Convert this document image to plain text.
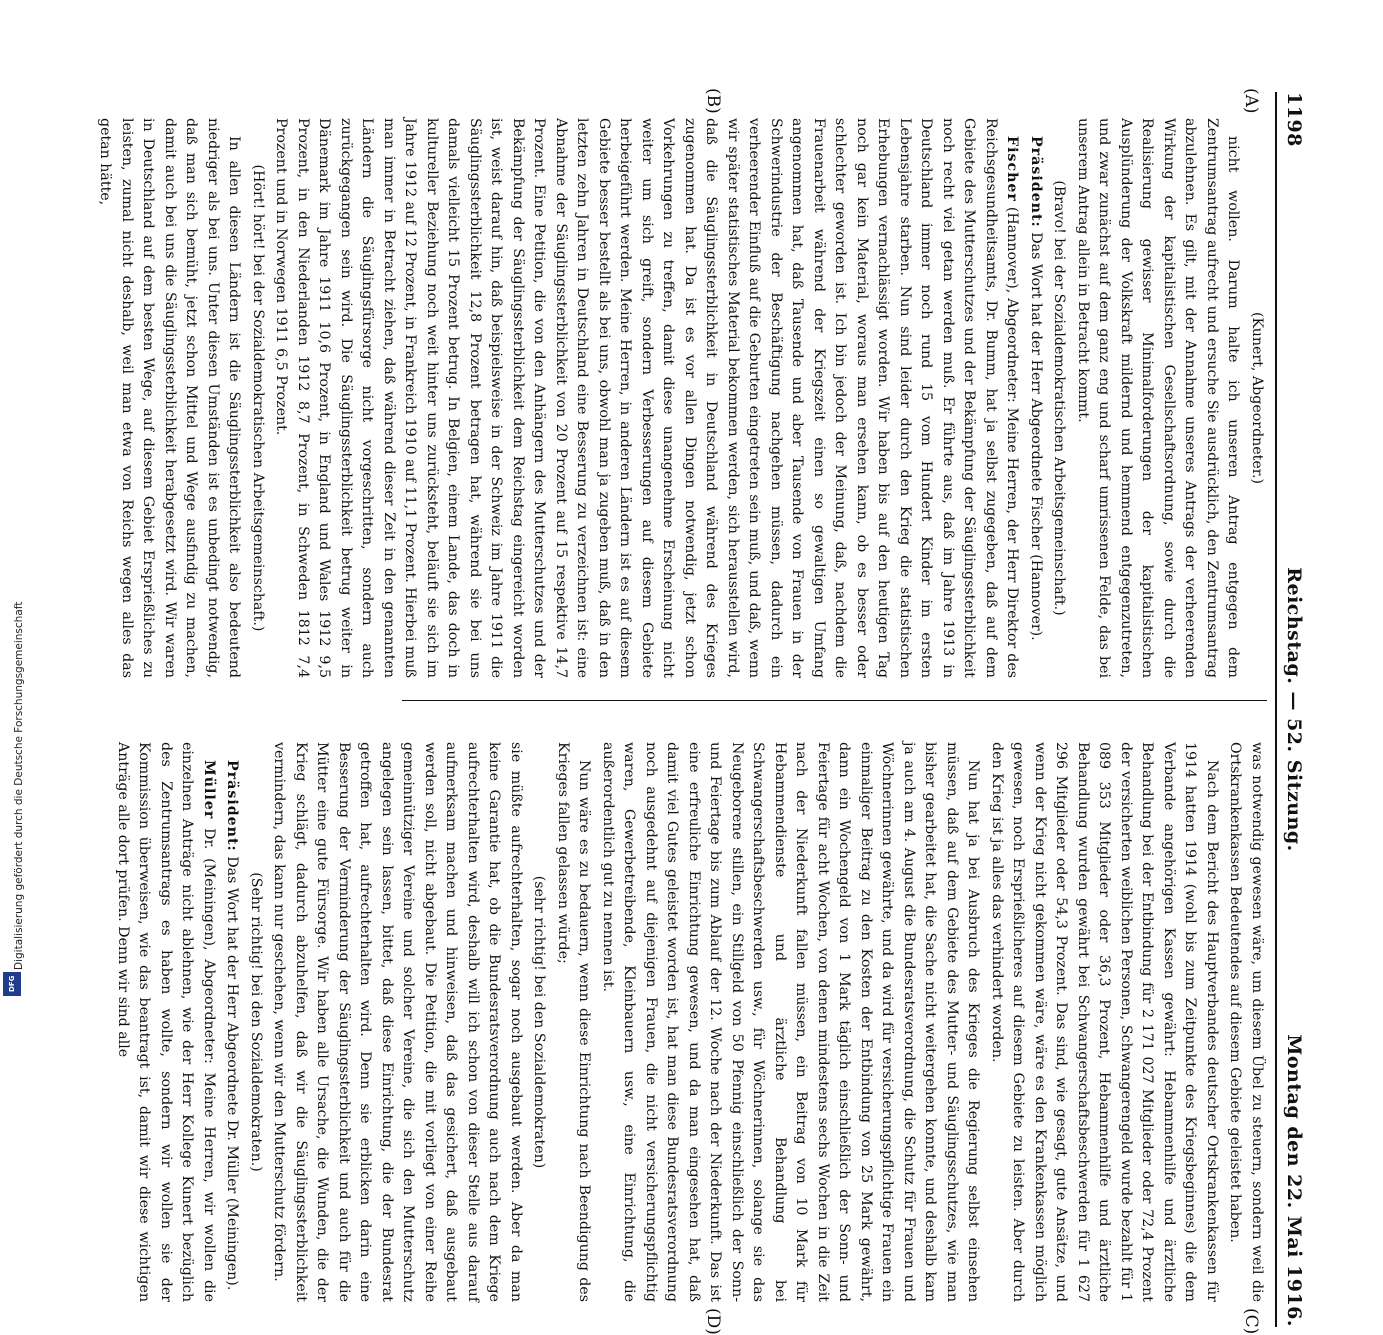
1198
Reichstag. — 52. Sitzung.
Montag den 22. Mai 1916.
(A)
(B)
(C)
(D)

(Kunert, Abgeordneter.)

nicht wollen. Darum halte ich unseren Antrag entgegen dem Zentrumsantrag aufrecht und ersuche Sie ausdrücklich, den Zentrumsantrag abzulehnen. Es gilt, mit der Annahme unseres Antrags der verheerenden Wirkung der kapitalistischen Gesellschaftsordnung, sowie durch die Realisierung gewisser Minimalforderungen der kapitalistischen Ausplünderung der Volkskraft mildernd und hemmend entgegenzutreten, und zwar zunächst auf dem ganz eng und scharf umrissenen Felde, das bei unserem Antrag allein in Betracht kommt.

(Bravo! bei der Sozialdemokratischen Arbeitsgemeinschaft.)

Präsident: Das Wort hat der Herr Abgeordnete Fischer (Hannover).

Fischer (Hannover), Abgeordneter: Meine Herren, der Herr Direktor des Reichsgesundheitsamts, Dr. Bumm, hat ja selbst zugegeben, daß auf dem Gebiete des Mutterschutzes und der Bekämpfung der Säuglingssterblichkeit noch recht viel getan werden muß. Er führte aus, daß im Jahre 1913 in Deutschland immer noch rund 15 vom Hundert Kinder im ersten Lebensjahre starben. Nun sind leider durch den Krieg die statistischen Erhebungen vernachlässigt worden. Wir haben bis auf den heutigen Tag noch gar kein Material, woraus man ersehen kann, ob es besser oder schlechter geworden ist. Ich bin jedoch der Meinung, daß, nachdem die Frauenarbeit während der Kriegszeit einen so gewaltigen Umfang angenommen hat, daß Tausende und aber Tausende von Frauen in der Schwerindustrie der Beschäftigung nachgehen müssen, dadurch ein verheerender Einfluß auf die Geburten eingetreten sein muß, und daß, wenn wir später statistisches Material bekommen werden, sich herausstellen wird, daß die Säuglingssterblichkeit in Deutschland während des Krieges zugenommen hat. Da ist es vor allen Dingen notwendig, jetzt schon Vorkehrungen zu treffen, damit diese unangenehme Erscheinung nicht weiter um sich greift, sondern Verbesserungen auf diesem Gebiete herbeigeführt werden. Meine Herren, in anderen Ländern ist es auf diesem Gebiete besser bestellt als bei uns, obwohl man ja zugeben muß, daß in den letzten zehn Jahren in Deutschland eine Besserung zu verzeichnen ist: eine Abnahme der Säuglingssterblichkeit von 20 Prozent auf 15 respektive 14,7 Prozent. Eine Petition, die von den Anhängern des Mutterschutzes und der Bekämpfung der Säuglingssterblichkeit dem Reichstag eingereicht worden ist, weist darauf hin, daß beispielsweise in der Schweiz im Jahre 1911 die Säuglingssterblichkeit 12,8 Prozent betragen hat, während sie bei uns damals vielleicht 15 Prozent betrug. In Belgien, einem Lande, das doch in kultureller Beziehung noch weit hinter uns zurücksteht, beläuft sie sich im Jahre 1912 auf 12 Prozent, in Frankreich 1910 auf 11,1 Prozent. Hierbei muß man immer in Betracht ziehen, daß während dieser Zeit in den genannten Ländern die Säuglingsfürsorge nicht vorgeschritten, sondern auch zurückgegangen sein wird. Die Säuglingssterblichkeit betrug weiter in Dänemark im Jahre 1911 10,6 Prozent, in England und Wales 1912 9,5 Prozent, in den Niederlanden 1912 8,7 Prozent, in Schweden 1812 7,4 Prozent und in Norwegen 1911 6,5 Prozent.

(Hört! hört! bei der Sozialdemokratischen Arbeitsgemeinschaft.)

In allen diesen Ländern ist die Säuglingssterblichkeit also bedeutend niedriger als bei uns. Unter diesen Umständen ist es unbedingt notwendig, daß man sich bemüht, jetzt schon Mittel und Wege ausfindig zu machen, damit auch bei uns die Säuglingssterblichkeit herabgesetzt wird. Wir waren in Deutschland auf dem besten Wege, auf diesem Gebiet Ersprießliches zu leisten, zumal nicht deshalb, weil man etwa von Reichs wegen alles das getan hätte,

was notwendig gewesen wäre, um diesem Übel zu steuern, sondern weil die Ortskrankenkassen Bedeutendes auf diesem Gebiete geleistet haben.

Nach dem Bericht des Hauptverbandes deutscher Ortskrankenkassen für 1914 hatten 1914 (wohl bis zum Zeitpunkte des Kriegsbeginnes) die dem Verbande angehörigen Kassen gewährt: Hebammenhilfe und ärztliche Behandlung bei der Entbindung für 2 171 027 Mitglieder oder 72,4 Prozent der versicherten weiblichen Personen, Schwangerengeld wurde bezahlt für 1 089 353 Mitglieder oder 36,3 Prozent, Hebammenhilfe und ärztliche Behandlung wurden gewährt bei Schwangerschaftsbeschwerden für 1 627 296 Mitglieder oder 54,3 Prozent. Das sind, wie gesagt, gute Ansätze, und wenn der Krieg nicht gekommen wäre, wäre es den Krankenkassen möglich gewesen, noch Ersprießlicheres auf diesem Gebiete zu leisten. Aber durch den Krieg ist ja alles das verhindert worden.

Nun hat ja bei Ausbruch des Krieges die Regierung selbst einsehen müssen, daß auf dem Gebiete des Mutter- und Säuglingsschutzes, wie man bisher gearbeitet hat, die Sache nicht weitergehen konnte, und deshalb kam ja auch am 4. August die Bundesratsverordnung, die Schutz für Frauen und Wöchnerinnen gewährte, und da wird für versicherungspflichtige Frauen ein einmaliger Beitrag zu den Kosten der Entbindung von 25 Mark gewährt, dann ein Wochengeld von 1 Mark täglich einschließlich der Sonn- und Feiertage für acht Wochen, von denen mindestens sechs Wochen in die Zeit nach der Niederkunft fallen müssen, ein Beitrag von 10 Mark für Hebammendienste und ärztliche Behandlung bei Schwangerschaftsbeschwerden usw., für Wöchnerinnen, solange sie das Neugeborene stillen, ein Stillgeld von 50 Pfennig einschließlich der Sonn- und Feiertage bis zum Ablauf der 12. Woche nach der Niederkunft. Das ist eine erfreuliche Einrichtung gewesen, und da man eingesehen hat, daß damit viel Gutes geleistet worden ist, hat man diese Bundesratsverordnung noch ausgedehnt auf diejenigen Frauen, die nicht versicherungspflichtig waren, Gewerbetreibende, Kleinbauern usw., eine Einrichtung, die außerordentlich gut zu nennen ist.

Nun wäre es zu bedauern, wenn diese Einrichtung nach Beendigung des Krieges fallen gelassen würde;

(sehr richtig! bei den Sozialdemokraten)

sie müßte aufrechterhalten, sogar noch ausgebaut werden. Aber da man keine Garantie hat, ob die Bundesratsverordnung auch nach dem Kriege aufrechterhalten wird, deshalb will ich schon von dieser Stelle aus darauf aufmerksam machen und hinweisen, daß das gesichert, daß ausgebaut werden soll, nicht abgebaut. Die Petition, die mit vorliegt von einer Reihe gemeinnütziger Vereine und solcher Vereine, die sich den Mutterschutz angelegen sein lassen, bittet, daß diese Einrichtung, die der Bundesrat getroffen hat, aufrechterhalten wird. Denn sie erblicken darin eine Besserung der Verminderung der Säuglingssterblichkeit und auch für die Mütter eine gute Fürsorge. Wir haben alle Ursache, die Wunden, die der Krieg schlägt, dadurch abzuhelfen, daß wir die Säuglingssterblichkeit vermindern, das kann nur geschehen, wenn wir den Mutterschutz fördern.

(Sehr richtig! bei den Sozialdemokraten.)

Präsident: Das Wort hat der Herr Abgeordnete Dr. Müller (Meiningen).

Müller Dr. (Meiningen), Abgeordneter: Meine Herren, wir wollen die einzelnen Anträge nicht ablehnen, wie der Herr Kollege Kunert bezüglich des Zentrumsantrags es haben wollte, sondern wir wollen sie der Kommission überweisen, wie das beantragt ist, damit wir diese wichtigen Anträge alle dort prüfen. Denn wir sind alle

Digitalisierung gefördert durch die Deutsche Forschungsgemeinschaft
DFG
